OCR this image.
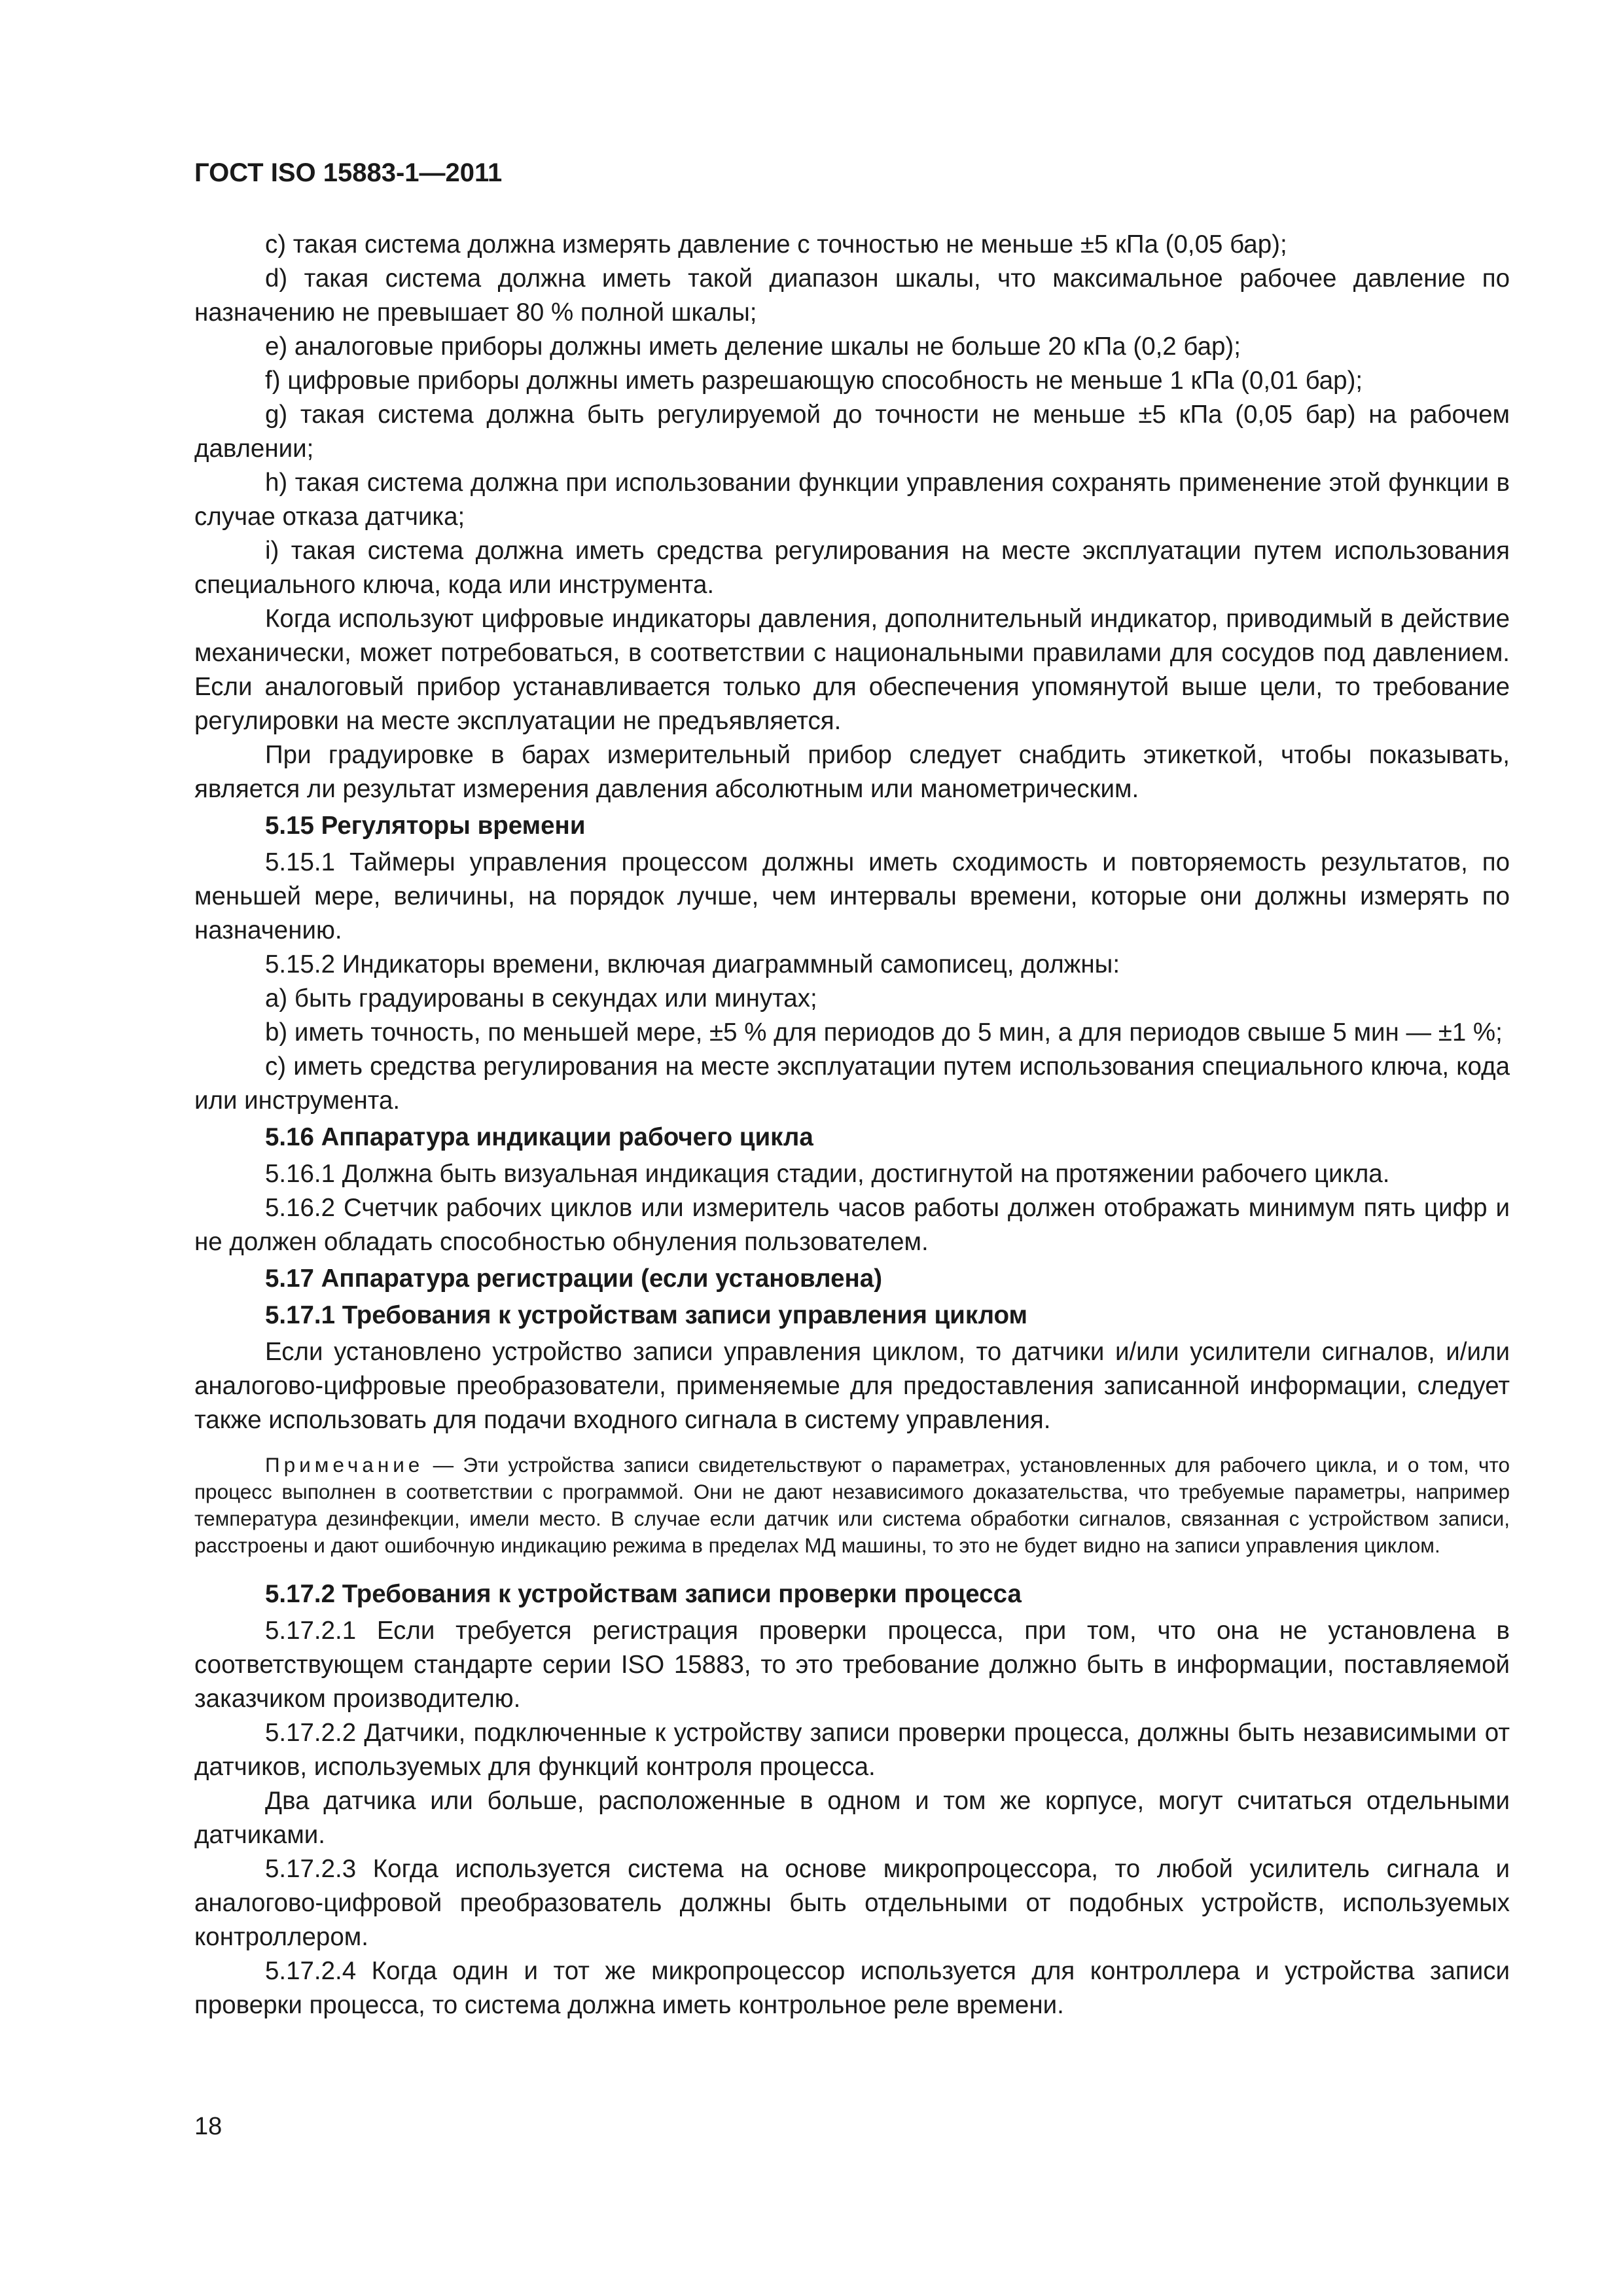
ГОСТ ISO 15883-1—2011

с) такая система должна измерять давление с точностью не меньше ±5 кПа (0,05 бар);

d) такая система должна иметь такой диапазон шкалы, что максимальное рабочее давление по назначению не превышает 80 % полной шкалы;

е) аналоговые приборы должны иметь деление шкалы не больше 20 кПа (0,2 бар);

f) цифровые приборы должны иметь разрешающую способность не меньше 1 кПа (0,01 бар);

g) такая система должна быть регулируемой до точности не меньше ±5 кПа (0,05 бар) на рабочем давлении;

h) такая система должна при использовании функции управления сохранять применение этой функции в случае отказа датчика;

i) такая система должна иметь средства регулирования на месте эксплуатации путем использования специального ключа, кода или инструмента.

Когда используют цифровые индикаторы давления, дополнительный индикатор, приводимый в действие механически, может потребоваться, в соответствии с национальными правилами для сосудов под давлением. Если аналоговый прибор устанавливается только для обеспечения упомянутой выше цели, то требование регулировки на месте эксплуатации не предъявляется.

При градуировке в барах измерительный прибор следует снабдить этикеткой, чтобы показывать, является ли результат измерения давления абсолютным или манометрическим.

5.15 Регуляторы времени

5.15.1 Таймеры управления процессом должны иметь сходимость и повторяемость результатов, по меньшей мере, величины, на порядок лучше, чем интервалы времени, которые они должны измерять по назначению.

5.15.2 Индикаторы времени, включая диаграммный самописец, должны:

a) быть градуированы в секундах или минутах;

b) иметь точность, по меньшей мере, ±5 % для периодов до 5 мин, а для периодов свыше 5 мин — ±1 %;

c) иметь средства регулирования на месте эксплуатации путем использования специального ключа, кода или инструмента.

5.16 Аппаратура индикации рабочего цикла

5.16.1 Должна быть визуальная индикация стадии, достигнутой на протяжении рабочего цикла.

5.16.2 Счетчик рабочих циклов или измеритель часов работы должен отображать минимум пять цифр и не должен обладать способностью обнуления пользователем.

5.17 Аппаратура регистрации (если установлена)
5.17.1 Требования к устройствам записи управления циклом

Если установлено устройство записи управления циклом, то датчики и/или усилители сигналов, и/или аналогово-цифровые преобразователи, применяемые для предоставления записанной информации, следует также использовать для подачи входного сигнала в систему управления.

Примечание — Эти устройства записи свидетельствуют о параметрах, установленных для рабочего цикла, и о том, что процесс выполнен в соответствии с программой. Они не дают независимого доказательства, что требуемые параметры, например температура дезинфекции, имели место. В случае если датчик или система обработки сигналов, связанная с устройством записи, расстроены и дают ошибочную индикацию режима в пределах МД машины, то это не будет видно на записи управления циклом.

5.17.2 Требования к устройствам записи проверки процесса

5.17.2.1 Если требуется регистрация проверки процесса, при том, что она не установлена в соответствующем стандарте серии ISO 15883, то это требование должно быть в информации, поставляемой заказчиком производителю.

5.17.2.2 Датчики, подключенные к устройству записи проверки процесса, должны быть независимыми от датчиков, используемых для функций контроля процесса.

Два датчика или больше, расположенные в одном и том же корпусе, могут считаться отдельными датчиками.

5.17.2.3 Когда используется система на основе микропроцессора, то любой усилитель сигнала и аналогово-цифровой преобразователь должны быть отдельными от подобных устройств, используемых контроллером.

5.17.2.4 Когда один и тот же микропроцессор используется для контроллера и устройства записи проверки процесса, то система должна иметь контрольное реле времени.

18
